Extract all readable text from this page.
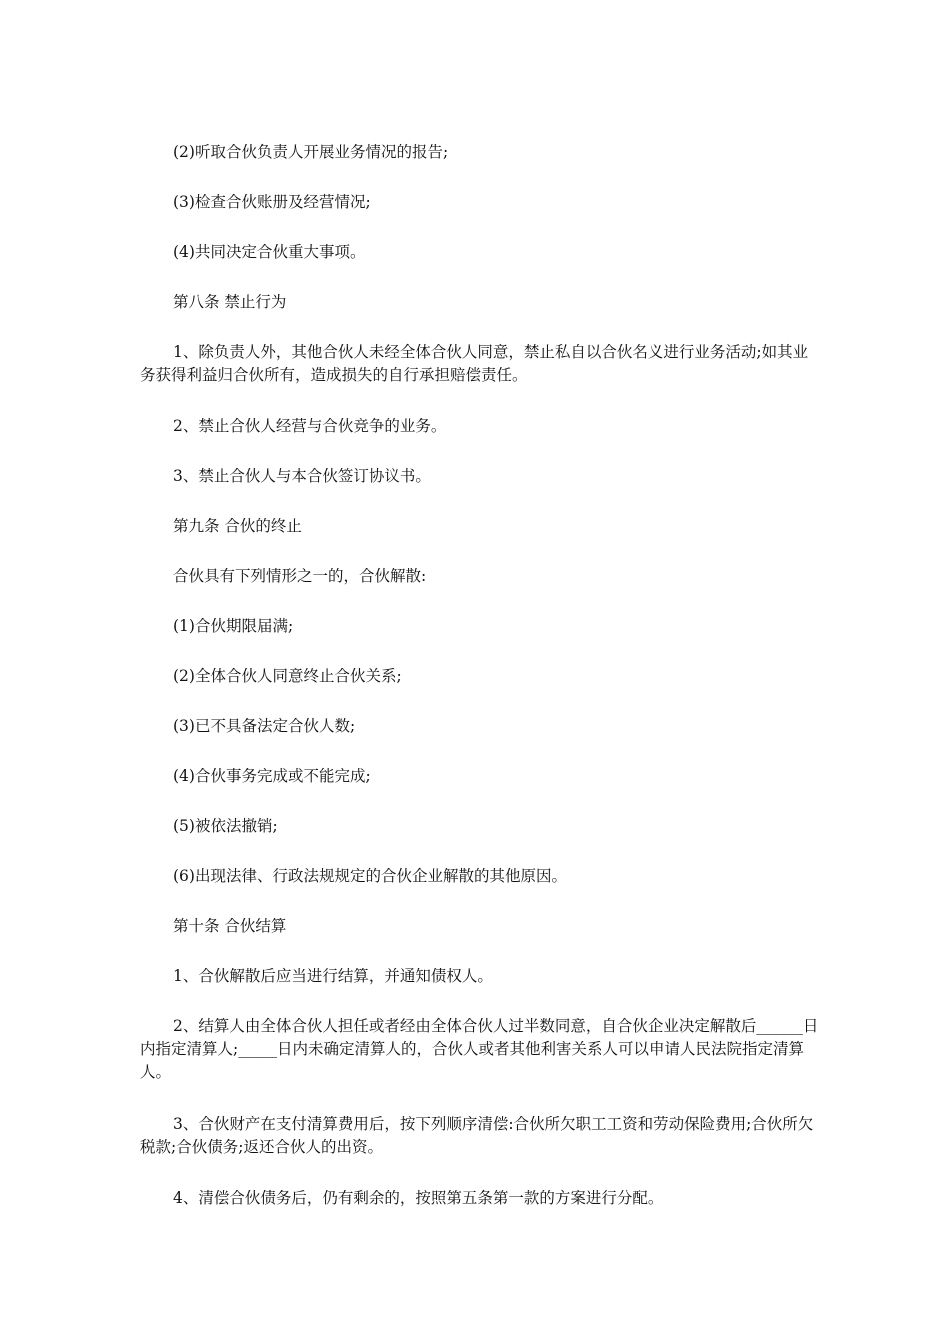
(2)听取合伙负责人开展业务情况的报告;

(3)检查合伙账册及经营情况;

(4)共同决定合伙重大事项。

第八条 禁止行为

1、除负责人外，其他合伙人未经全体合伙人同意，禁止私自以合伙名义进行业务活动;如其业务获得利益归合伙所有，造成损失的自行承担赔偿责任。

2、禁止合伙人经营与合伙竞争的业务。

3、禁止合伙人与本合伙签订协议书。

第九条 合伙的终止

合伙具有下列情形之一的，合伙解散:

(1)合伙期限届满;

(2)全体合伙人同意终止合伙关系;

(3)已不具备法定合伙人数;

(4)合伙事务完成或不能完成;

(5)被依法撤销;

(6)出现法律、行政法规规定的合伙企业解散的其他原因。

第十条 合伙结算

1、合伙解散后应当进行结算，并通知债权人。

2、结算人由全体合伙人担任或者经由全体合伙人过半数同意，自合伙企业决定解散后______日内指定清算人;_____日内未确定清算人的，合伙人或者其他利害关系人可以申请人民法院指定清算人。

3、合伙财产在支付清算费用后，按下列顺序清偿:合伙所欠职工工资和劳动保险费用;合伙所欠税款;合伙债务;返还合伙人的出资。

4、清偿合伙债务后，仍有剩余的，按照第五条第一款的方案进行分配。
